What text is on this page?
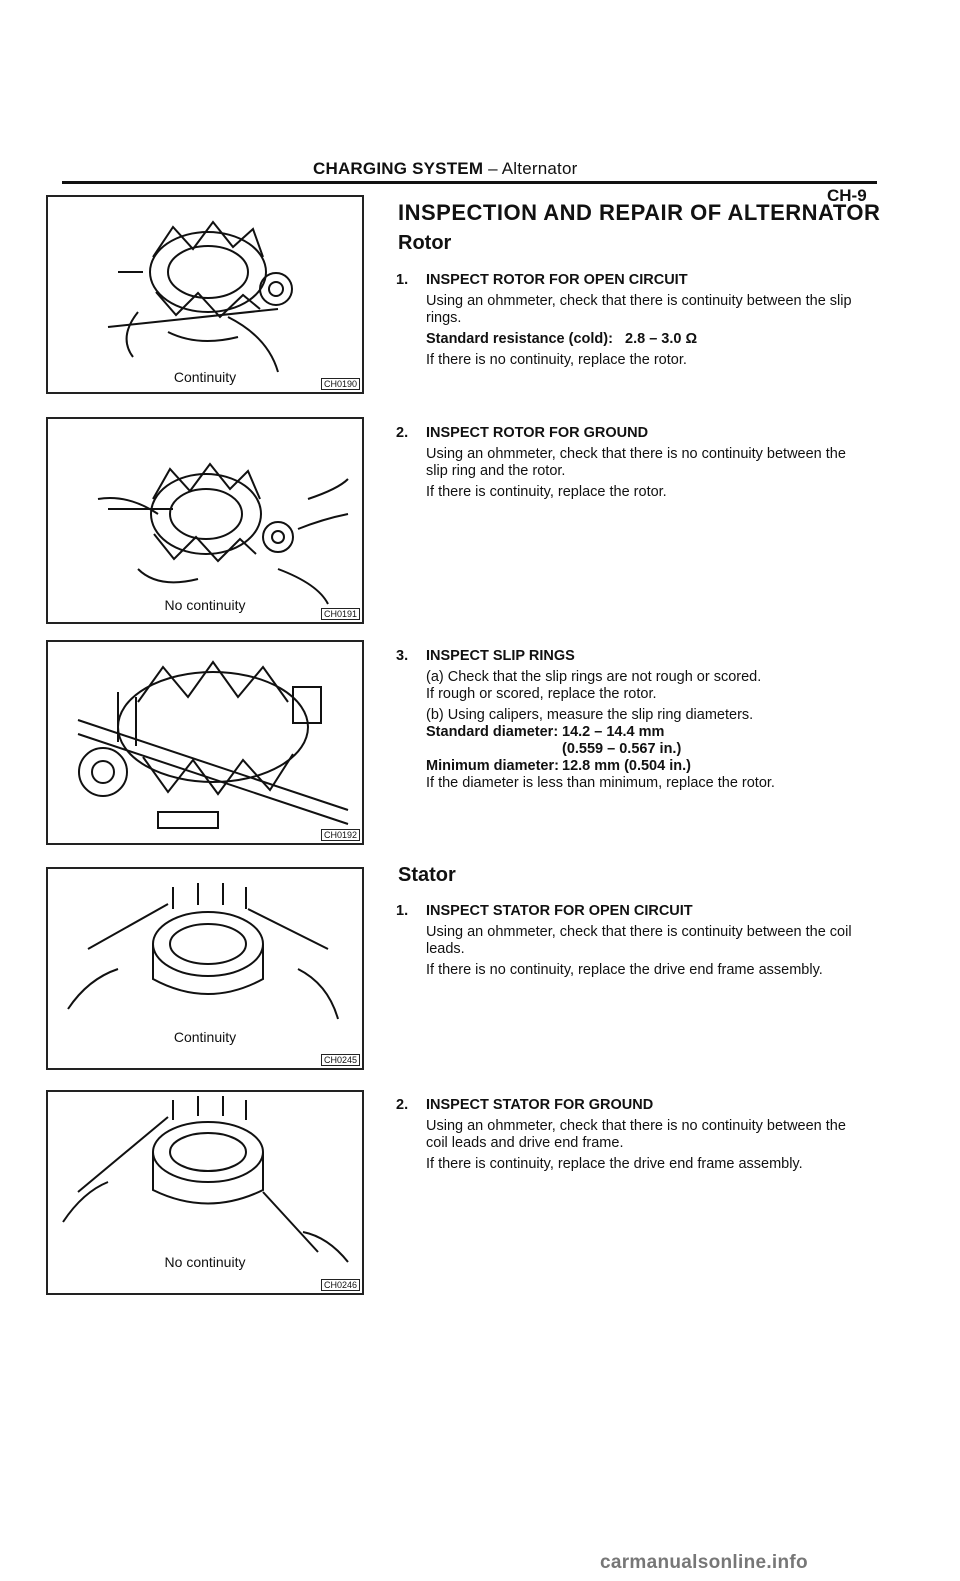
CHARGING SYSTEM – Alternator
CH-9
Continuity	CH0190
No continuity
CH0191
CH0192
Continuity
CH0245
No continuity
CH0246
INSPECTION AND REPAIR OF ALTERNATOR
Rotor
1. INSPECT ROTOR FOR OPEN CIRCUIT

Using an ohmmeter, check that there is continuity between the slip rings.

Standard resistance (cold): 2.8 – 3.0 Ω

If there is no continuity, replace the rotor.

2. INSPECT ROTOR FOR GROUND

Using an ohmmeter, check that there is no continuity between the slip ring and the rotor.

If there is continuity, replace the rotor.

3. INSPECT SLIP RINGS

(a) Check that the slip rings are not rough or scored.

If rough or scored, replace the rotor.

(b) Using calipers, measure the slip ring diameters.

Standard diameter: 14.2 – 14.4 mm
(0.559 – 0.567 in.)
Minimum diameter: 12.8 mm (0.504 in.)

If the diameter is less than minimum, replace the rotor.

Stator
1. INSPECT STATOR FOR OPEN CIRCUIT

Using an ohmmeter, check that there is continuity between the coil leads.

If there is no continuity, replace the drive end frame assembly.

2. INSPECT STATOR FOR GROUND

Using an ohmmeter, check that there is no continuity between the coil leads and drive end frame.

If there is continuity, replace the drive end frame assembly.

carmanualsonline.info
